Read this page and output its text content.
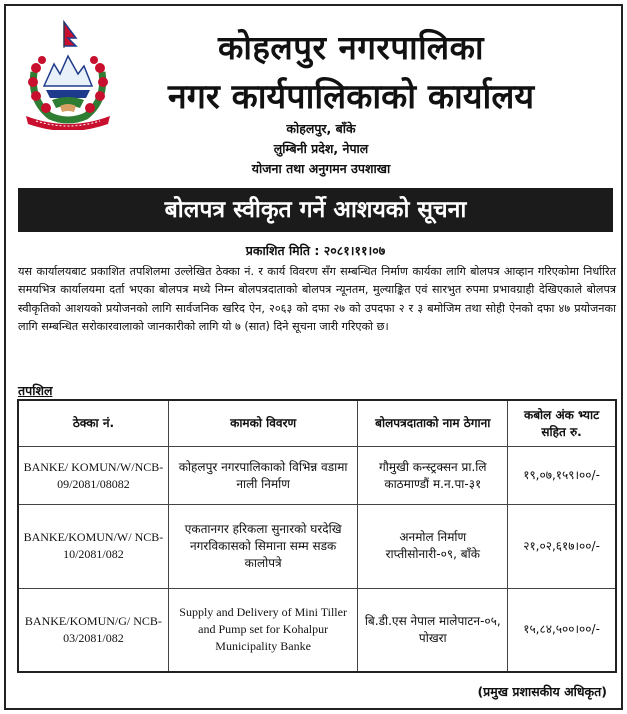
कोहलपुर नगरपालिका
नगर कार्यपालिकाको कार्यालय
कोहलपुर, बाँके
लुम्बिनी प्रदेश, नेपाल
योजना तथा अनुगमन उपशाखा
बोलपत्र स्वीकृत गर्ने आशयको सूचना
प्रकाशित मिति : २०८१।११।०७

यस कार्यालयबाट प्रकाशित तपशिलमा उल्लेखित ठेक्का नं. र कार्य विवरण सँग सम्बन्धित निर्माण कार्यका लागि बोलपत्र आव्हान गरिएकोमा निर्धारित समयभित्र कार्यालयमा दर्ता भएका बोलपत्र मध्ये निम्न बोलपत्रदाताको बोलपत्र न्यूनतम, मुल्याङ्कित एवं सारभुत रुपमा प्रभावग्राही देखिएकाले बोलपत्र स्वीकृतिको आशयको प्रयोजनको लागि सार्वजनिक खरिद ऐन, २०६३ को दफा २७ को उपदफा २ र ३ बमोजिम तथा सोही ऐनको दफा ४७ प्रयोजनका लागि सम्बन्धित सरोकारवालाको जानकारीको लागि यो ७ (सात) दिने सूचना जारी गरिएको छ।

तपशिल
ठेक्का नं.	कामको विवरण	बोलपत्रदाताको नाम ठेगाना	कबोल अंक भ्याट सहित रु.
BANKE/ KOMUN/W/NCB- 09/2081/08082	कोहलपुर नगरपालिकाको विभिन्न वडामा नाली निर्माण	गौमुखी कन्स्ट्रक्सन प्रा.लि काठमाण्डौं म.न.पा-३१	१९,०७,१५९।००/-
BANKE/KOMUN/W/ NCB-10/2081/082	एकतानगर हरिकला सुनारको घरदेखि नगरविकासको सिमाना सम्म सडक कालोपत्रे	अनमोल निर्माण राप्तीसोनारी-०९, बाँके	२१,०२,६१७।००/-
BANKE/KOMUN/G/ NCB-03/2081/082	Supply and Delivery of Mini Tiller and Pump set for Kohalpur Municipality Banke	बि.डी.एस नेपाल मालेपाटन-०५, पोखरा	१५,८४,५००।००/-
(प्रमुख प्रशासकीय अधिकृत)
